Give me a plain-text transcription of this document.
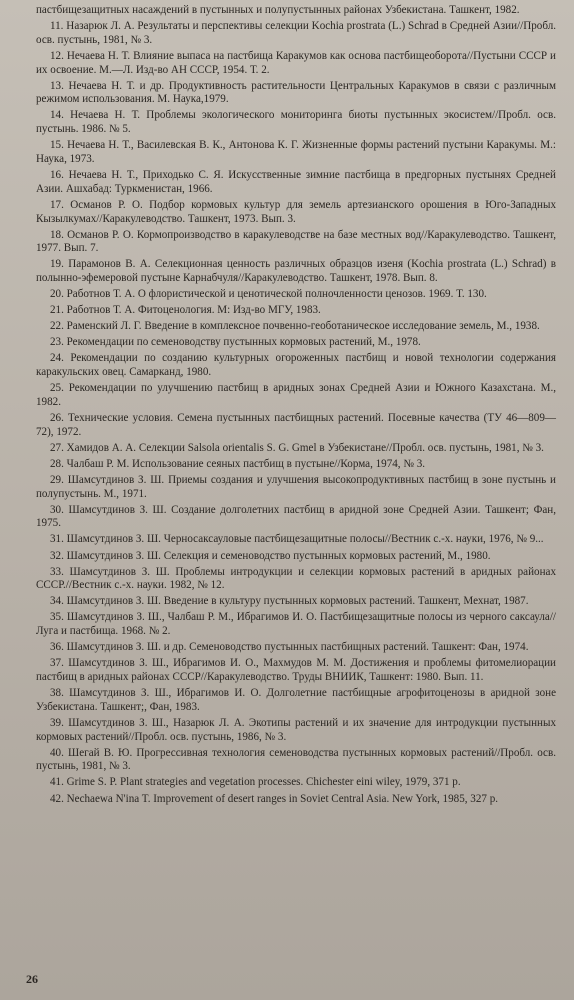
пастбищезащитных насаждений в пустынных и полупустынных районах Узбекистана. Ташкент, 1982.

11. Назарюк Л. А. Результаты и перспективы селекции Kochia prostrata (L.) Schrad в Средней Азии//Пробл. осв. пустынь, 1981, № 3.

12. Нечаева Н. Т. Влияние выпаса на пастбища Каракумов как основа пастбищеоборота//Пустыни СССР и их освоение. М.—Л. Изд-во АН СССР, 1954. Т. 2.

13. Нечаева Н. Т. и др. Продуктивность растительности Центральных Каракумов в связи с различным режимом использования. М. Наука,1979.

14. Нечаева Н. Т. Проблемы экологического мониторинга биоты пустынных экосистем//Пробл. осв. пустынь. 1986. № 5.

15. Нечаева Н. Т., Василевская В. К., Антонова К. Г. Жизненные формы растений пустыни Каракумы. М.: Наука, 1973.

16. Нечаева Н. Т., Приходько С. Я. Искусственные зимние пастбища в предгорных пустынях Средней Азии. Ашхабад: Туркменистан, 1966.

17. Османов Р. О. Подбор кормовых культур для земель артезианского орошения в Юго-Западных Кызылкумах//Каракулеводство. Ташкент, 1973. Вып. 3.

18. Османов Р. О. Кормопроизводство в каракулеводстве на базе местных вод//Каракулеводство. Ташкент, 1977. Вып. 7.

19. Парамонов В. А. Селекционная ценность различных образцов изеня (Kochia prostrata (L.) Schrad) в полынно-эфемеровой пустыне Карнабчуля//Каракулеводство. Ташкент, 1978. Вып. 8.

20. Работнов Т. А. О флористической и ценотической полночленности ценозов. 1969. Т. 130.

21. Работнов Т. А. Фитоценология. М: Изд-во МГУ, 1983.

22. Раменский Л. Г. Введение в комплексное почвенно-геоботаническое исследование земель, М., 1938.

23. Рекомендации по семеноводству пустынных кормовых растений, М., 1978.

24. Рекомендации по созданию культурных огороженных пастбищ и новой технологии содержания каракульских овец. Самарканд, 1980.

25. Рекомендации по улучшению пастбищ в аридных зонах Средней Азии и Южного Казахстана. М., 1982.

26. Технические условия. Семена пустынных пастбищных растений. Посевные качества (ТУ 46—809—72), 1972.

27. Хамидов А. А. Селекции Salsola orientalis S. G. Gmel в Узбекистане//Пробл. осв. пустынь, 1981, № 3.

28. Чалбаш Р. М. Использование сеяных пастбищ в пустыне//Корма, 1974, № 3.

29. Шамсутдинов З. Ш. Приемы создания и улучшения высокопродуктивных пастбищ в зоне пустынь и полупустынь. М., 1971.

30. Шамсутдинов З. Ш. Создание долголетних пастбищ в аридной зоне Средней Азии. Ташкент; Фан, 1975.

31. Шамсутдинов З. Ш. Черносаксауловые пастбищезащитные полосы//Вестник с.-х. науки, 1976, № 9...

32. Шамсутдинов З. Ш. Селекция и семеноводство пустынных кормовых растений, М., 1980.

33. Шамсутдинов З. Ш. Проблемы интродукции и селекции кормовых растений в аридных районах СССР.//Вестник с.-х. науки. 1982, № 12.

34. Шамсутдинов З. Ш. Введение в культуру пустынных кормовых растений. Ташкент, Мехнат, 1987.

35. Шамсутдинов З. Ш., Чалбаш Р. М., Ибрагимов И. О. Пастбищезащитные полосы из черного саксаула//Луга и пастбища. 1968. № 2.

36. Шамсутдинов З. Ш. и др. Семеноводство пустынных пастбищных растений. Ташкент: Фан, 1974.

37. Шамсутдинов З. Ш., Ибрагимов И. О., Махмудов М. М. Достижения и проблемы фитомелиорации пастбищ в аридных районах СССР//Каракулеводство. Труды ВНИИК, Ташкент: 1980. Вып. 11.

38. Шамсутдинов З. Ш., Ибрагимов И. О. Долголетние пастбищные агрофитоценозы в аридной зоне Узбекистана. Ташкент;, Фан, 1983.

39. Шамсутдинов З. Ш., Назарюк Л. А. Экотипы растений и их значение для интродукции пустынных кормовых растений//Пробл. осв. пустынь, 1986, № 3.

40. Шегай В. Ю. Прогрессивная технология семеноводства пустынных кормовых растений//Пробл. осв. пустынь, 1981, № 3.

41. Grime S. P. Plant strategies and vegetation processes. Chichester eini wiley, 1979, 371 p.

42. Nechaewa N'ina T. Improvement of desert ranges in Soviet Central Asia. New York, 1985, 327 p.

26
